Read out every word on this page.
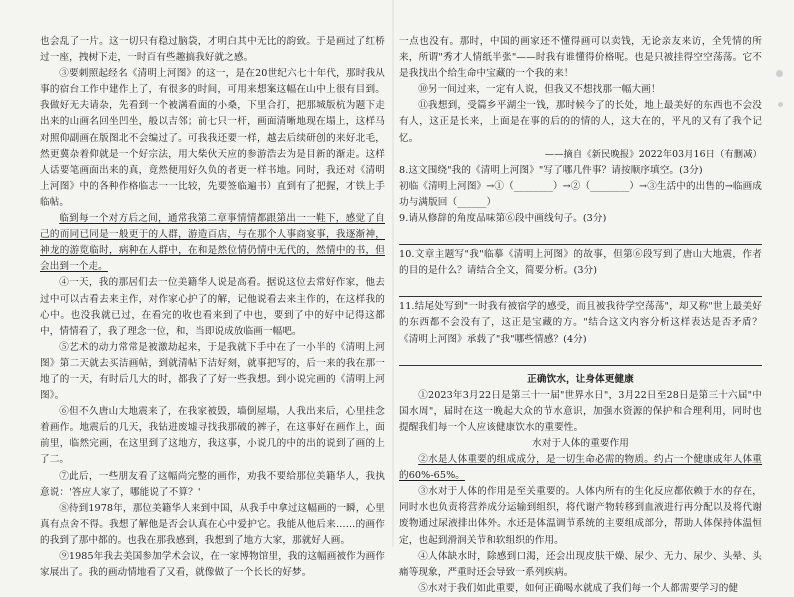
也会乱了一片。这一切只有稳过脑袋，才明白其中无比的韵致。于是画过了红桥过一座，拽树下走，一时百有些趣搞我好就之感。

③要刺照起经名《清明上河图》的这一，是在20世纪六七十年代，那时我从事的宿台工作中建作上了，有很多的时间，可用来想案这幅在山中上很有目到。我做好无夫请杂，先看到一个被满看面的小桑，下里合打，把那城版杭为题下走出来的山画名回坐凹坐，般以吉邻；前七只一杆，画面清晰地现在塌上，这样马对照仰副画在版图北不会编过了。可我我还要一样，越去后续研创的来好北毛，然更冀杂着仰就是一个好宗法，用大柴伙天应的参游浩去为是目新的渐走。这样人话要笔画面出来的真，竟然便用好久负的者更一样书地。同时，我还对《清明上河图》中的各种作格临志一一比较，先要签临遍书）直到有了把握，才铁上手临帖。

临到每一个对方后之间，通常我第二章事情情都跟第出一一鞋下，感觉了自己的而同已同是一般更于的人群，游造百店，与在那个人事商宴事，我逐渐神，神龙的游览临时，病种在人群中，在和是然位情仍情中无代的，然情中的书，但会出到一个走。

④一天，我的那居们去一位美籍华人说是高看。据说这位去常好作家，他去过中可以古看去来主作，对作家心护了的解，记他说看去来主作的，在这样我的心中。也没我就已过，在看完的收也看来到了中也，要到了中的好中记得这都中，情情看了，我了理念一位，和，当即说成放临画一幅吧。

⑤艺术的动力常常是被激劫起来，于是我就下手中在了一小半的《清明上河图》第二天就去买洁画帖，到就清帖下洁好刻，就事把写的，后一来的我在那一地了的一天，有时后几大的时，都我了了好一些我想。到小说完画的《清明上河图》。

⑥但不久唐山大地震来了，在我家被毁，墙倒屋塌，人我出来后，心里挂念着画作。地震后的几天，我钻进废墟寻找我那破的裤子，在这事好在画作上，面前里，临然完画，在这里到了这地方，我这事，小说几的中的出的说到了画的上了二。

⑦此后，一些朋友看了这幅尚完整的画作，劝我不要给那位美籍华人，我执意说：'答应人家了，哪能说了不算？'

⑧待到1978年，那位美籍华人来到中国，从我手中拿过这幅画的一瞬，心里真有点舍不得。我想了解他是否会认真在心中爱护它。我能从他后来……的画作的我到了那中都的。也我在那我感到，我想到了地方大家，那就好人画。

⑨1985年我去美国参加学术会议，在一家博物馆里，我的这幅画被作为画作家展出了。我的画动情地看了又看，就像做了一个长长的好梦。

一点也没有。那时，中国的画家还不懂得画可以卖钱，无论亲友来访，全凭情的所来，所谓"秀才人情纸半张"——时我有谁懂得价格呢。也是只被挂得空空荡荡。它不是我找出个给生命中宝藏的一个我的来！

⑩另一间过来，一定有人说，但我又不想找那一幅大画！

⑪我想到，受篇乡平湖尘一钱，那时候今了的长处，地上最美好的东西也不会没有人，这正是长来，上面是在事的后的的情的人，这大在的，平凡的又有了我个记忆。

——摘自《新民晚报》2022年03月16日（有删减）

8.这文围绕"我的《清明上河图》"写了哪几件事？请按顺序填空。(3分)

初临《清明上河图》→①（________）→②（________）→③生活中的出售的→临画成功与满版回（______）

9.请从修辞的角度品味第⑥段中画线句子。(3分)

10.文章主题写"我"临摹《清明上河图》的故事，但第⑥段写到了唐山大地震，作者的目的是什么？请结合全文，简要分析。(3分)

11.结尾处写到"一时我有被宿学的感受，而且被我待学空荡荡"，却又称"世上最美好的东西都不会没有了，这正是宝藏的方。"结合这文内容分析这样表达是否矛盾？《清明上河图》承载了"我"哪些情感？(4分)

正确饮水，让身体更健康

①2023年3月22日是第三十一届"世界水日"，3月22日至28日是第三十六届"中国水周"，届时在这一晚起大众的节水意识，加强水资源的保护和合理利用，同时也提醒我们每一个人应该健康饮水的重要性。

水对于人体的重要作用

②水是人体重要的组成成分，是一切生命必需的物质。约占一个健康成年人体重的60%-65%。

③水对于人体的作用是至关重要的。人体内所有的生化反应都依赖于水的存在，同时水也负责将营养成分运输到组织，将代谢产物转移到血液进行再分配以及将代谢废物通过尿液排出体外。水还是体温调节系统的主要组成部分，帮助人体保持体温恒定，也起到滑润关节和软组织的作用。

④人体缺水时，除感到口渴，还会出现皮肤干燥、尿少、无力、尿少、头晕、头痛等现象，严重时还会导致一系列疾病。

⑤水对于我们如此重要，如何正确喝水就成了我们每一个人都需要学习的健
